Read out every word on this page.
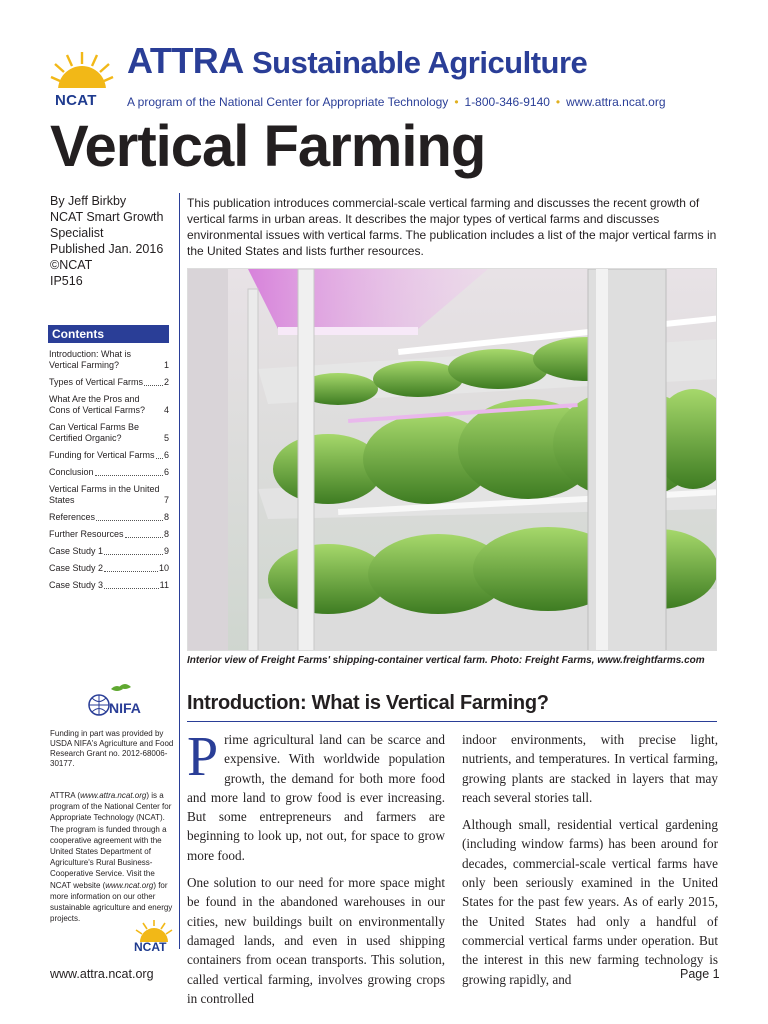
NCAT
ATTRA Sustainable Agriculture
A program of the National Center for Appropriate Technology • 1-800-346-9140 • www.attra.ncat.org
Vertical Farming
By Jeff Birkby
NCAT Smart Growth
Specialist
Published Jan. 2016
©NCAT
IP516
Contents
Introduction: What is Vertical Farming?	1
Types of Vertical Farms 2
What Are the Pros and Cons of Vertical Farms?	4
Can Vertical Farms Be Certified Organic?	5
Funding for Vertical Farms 6
Conclusion	6
Vertical Farms in the United States	7
References	8
Further Resources	8
Case Study 1	9
Case Study 2	10
Case Study 3	11
NIFA
Funding in part was provided by USDA NIFA's Agriculture and Food Research Grant no. 2012-68006-30177.
ATTRA (www.attra.ncat.org) is a program of the National Center for Appropriate Technology (NCAT). The program is funded through a cooperative agreement with the United States Department of Agriculture's Rural Business-Cooperative Service. Visit the NCAT website (www.ncat.org) for more information on our other sustainable agriculture and energy projects.
NCAT

This publication introduces commercial-scale vertical farming and discusses the recent growth of vertical farms in urban areas. It describes the major types of vertical farms and discusses environmental issues with vertical farms. The publication includes a list of the major vertical farms in the United States and lists further resources.

Interior view of Freight Farms' shipping-container vertical farm. Photo: Freight Farms, www.freightfarms.com

Introduction: What is Vertical Farming?

Prime agricultural land can be scarce and expensive. With worldwide population growth, the demand for both more food and more land to grow food is ever increasing. But some entrepreneurs and farmers are beginning to look up, not out, for space to grow more food.

One solution to our need for more space might be found in the abandoned warehouses in our cities, new buildings built on environmentally damaged lands, and even in used shipping containers from ocean transports. This solution, called vertical farming, involves growing crops in controlled

indoor environments, with precise light, nutrients, and temperatures. In vertical farming, growing plants are stacked in layers that may reach several stories tall.

Although small, residential vertical gardening (including window farms) has been around for decades, commercial-scale vertical farms have only been seriously examined in the United States for the past few years. As of early 2015, the United States had only a handful of commercial vertical farms under operation. But the interest in this new farming technology is growing rapidly, and

www.attra.ncat.org	Page 1
